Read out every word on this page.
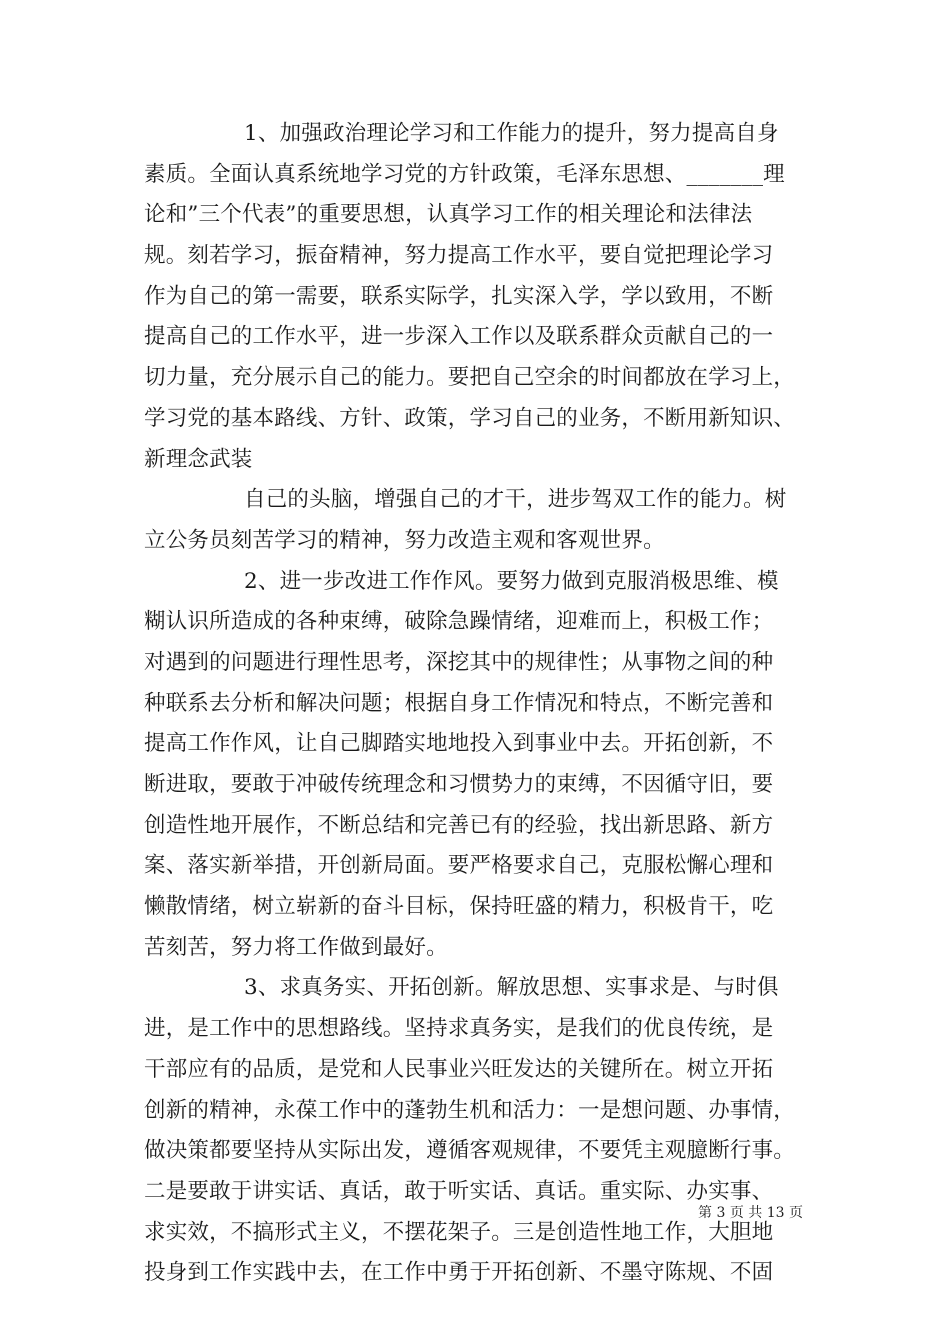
1、加强政治理论学习和工作能力的提升，努力提高自身
素质。全面认真系统地学习党的方针政策，毛泽东思想、_______理
论和”三个代表”的重要思想，认真学习工作的相关理论和法律法
规。刻若学习，振奋精神，努力提高工作水平，要自觉把理论学习
作为自己的第一需要，联系实际学，扎实深入学，学以致用，不断
提高自己的工作水平，进一步深入工作以及联系群众贡献自己的一
切力量，充分展示自己的能力。要把自己空余的时间都放在学习上，
学习党的基本路线、方针、政策，学习自己的业务，不断用新知识、
新理念武装
自己的头脑，增强自己的才干，进步驾双工作的能力。树
立公务员刻苦学习的精神，努力改造主观和客观世界。
2、进一步改进工作作风。要努力做到克服消极思维、模
糊认识所造成的各种束缚，破除急躁情绪，迎难而上，积极工作；
对遇到的问题进行理性思考，深挖其中的规律性；从事物之间的种
种联系去分析和解决问题；根据自身工作情况和特点，不断完善和
提高工作作风，让自己脚踏实地地投入到事业中去。开拓创新，不
断进取，要敢于冲破传统理念和习惯势力的束缚，不因循守旧，要
创造性地开展作，不断总结和完善已有的经验，找出新思路、新方
案、落实新举措，开创新局面。要严格要求自己，克服松懈心理和
懒散情绪，树立崭新的奋斗目标，保持旺盛的精力，积极肯干，吃
苦刻苦，努力将工作做到最好。
3、求真务实、开拓创新。解放思想、实事求是、与时俱
进，是工作中的思想路线。坚持求真务实，是我们的优良传统，是
干部应有的品质，是党和人民事业兴旺发达的关键所在。树立开拓
创新的精神，永葆工作中的蓬勃生机和活力：一是想问题、办事情，
做决策都要坚持从实际出发，遵循客观规律，不要凭主观臆断行事。
二是要敢于讲实话、真话，敢于听实话、真话。重实际、办实事、
求实效，不搞形式主义，不摆花架子。三是创造性地工作，大胆地
投身到工作实践中去，在工作中勇于开拓创新、不墨守陈规、不固
第 3 页 共 13 页
